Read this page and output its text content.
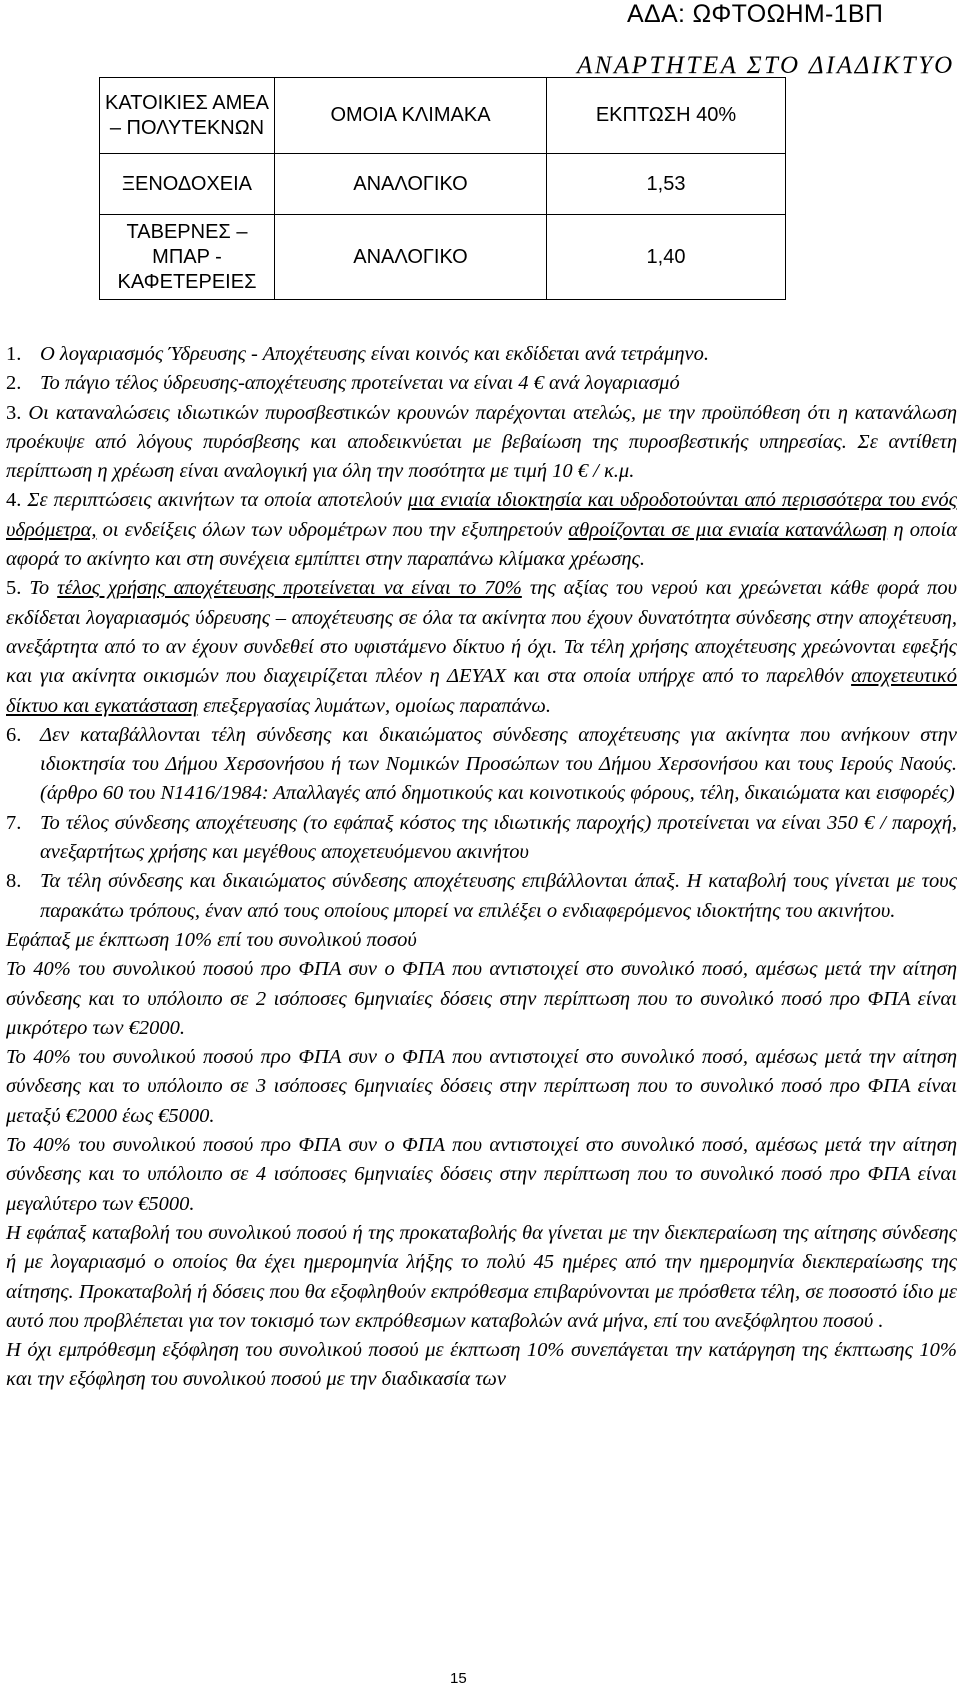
ΑΔΑ: ΩΦΤΟΩΗΜ-1ΒΠ
ΑΝΑΡΤΗΤΕΑ ΣΤΟ ΔΙΑΔΙΚΤΥΟ
ΚΑΤΟΙΚΙΕΣ ΑΜΕΑ – ΠΟΛΥΤΕΚΝΩΝ	ΟΜΟΙΑ ΚΛΙΜΑΚΑ	ΕΚΠΤΩΣΗ 40%
ΞΕΝΟΔΟΧΕΙΑ	ΑΝΑΛΟΓΙΚΟ	1,53
ΤΑΒΕΡΝΕΣ – ΜΠΑΡ - ΚΑΦΕΤΕΡΕΙΕΣ	ΑΝΑΛΟΓΙΚΟ	1,40

1. Ο λογαριασμός Ύδρευσης - Αποχέτευσης είναι κοινός και εκδίδεται ανά τετράμηνο.

2. Το πάγιο τέλος ύδρευσης-αποχέτευσης προτείνεται να είναι 4 € ανά λογαριασμό

3. Οι καταναλώσεις ιδιωτικών πυροσβεστικών κρουνών παρέχονται ατελώς, με την προϋπόθεση ότι η κατανάλωση προέκυψε από λόγους πυρόσβεσης και αποδεικνύεται με βεβαίωση της πυροσβεστικής υπηρεσίας. Σε αντίθετη περίπτωση η χρέωση είναι αναλογική για όλη την ποσότητα με τιμή 10 € / κ.μ.

4. Σε περιπτώσεις ακινήτων τα οποία αποτελούν μια ενιαία ιδιοκτησία και υδροδοτούνται από περισσότερα του ενός υδρόμετρα, οι ενδείξεις όλων των υδρομέτρων που την εξυπηρετούν αθροίζονται σε μια ενιαία κατανάλωση η οποία αφορά το ακίνητο και στη συνέχεια εμπίπτει στην παραπάνω κλίμακα χρέωσης.

5. Το τέλος χρήσης αποχέτευσης προτείνεται να είναι το 70% της αξίας του νερού και χρεώνεται κάθε φορά που εκδίδεται λογαριασμός ύδρευσης – αποχέτευσης σε όλα τα ακίνητα που έχουν δυνατότητα σύνδεσης στην αποχέτευση, ανεξάρτητα από το αν έχουν συνδεθεί στο υφιστάμενο δίκτυο ή όχι. Τα τέλη χρήσης αποχέτευσης χρεώνονται εφεξής και για ακίνητα οικισμών που διαχειρίζεται πλέον η ΔΕΥΑΧ και στα οποία υπήρχε από το παρελθόν αποχετευτικό δίκτυο και εγκατάσταση επεξεργασίας λυμάτων, ομοίως παραπάνω.

6. Δεν καταβάλλονται τέλη σύνδεσης και δικαιώματος σύνδεσης αποχέτευσης για ακίνητα που ανήκουν στην ιδιοκτησία του Δήμου Χερσονήσου ή των Νομικών Προσώπων του Δήμου Χερσονήσου και τους Ιερούς Ναούς.(άρθρο 60 του Ν1416/1984: Απαλλαγές από δημοτικούς και κοινοτικούς φόρους, τέλη, δικαιώματα και εισφορές)

7. Το τέλος σύνδεσης αποχέτευσης (το εφάπαξ κόστος της ιδιωτικής παροχής) προτείνεται να είναι 350 € / παροχή, ανεξαρτήτως χρήσης και μεγέθους αποχετευόμενου ακινήτου

8. Τα τέλη σύνδεσης και δικαιώματος σύνδεσης αποχέτευσης επιβάλλονται άπαξ. Η καταβολή τους γίνεται με τους παρακάτω τρόπους, έναν από τους οποίους μπορεί να επιλέξει ο ενδιαφερόμενος ιδιοκτήτης του ακινήτου.

Εφάπαξ με έκπτωση 10% επί του συνολικού ποσού

Το 40% του συνολικού ποσού προ ΦΠΑ συν ο ΦΠΑ που αντιστοιχεί στο συνολικό ποσό, αμέσως μετά την αίτηση σύνδεσης και το υπόλοιπο σε 2 ισόποσες 6μηνιαίες δόσεις στην περίπτωση που το συνολικό ποσό προ ΦΠΑ είναι μικρότερο των €2000.

Το 40% του συνολικού ποσού προ ΦΠΑ συν ο ΦΠΑ που αντιστοιχεί στο συνολικό ποσό, αμέσως μετά την αίτηση σύνδεσης και το υπόλοιπο σε 3 ισόποσες 6μηνιαίες δόσεις στην περίπτωση που το συνολικό ποσό προ ΦΠΑ είναι μεταξύ €2000 έως €5000.

Το 40% του συνολικού ποσού προ ΦΠΑ συν ο ΦΠΑ που αντιστοιχεί στο συνολικό ποσό, αμέσως μετά την αίτηση σύνδεσης και το υπόλοιπο σε 4 ισόποσες 6μηνιαίες δόσεις στην περίπτωση που το συνολικό ποσό προ ΦΠΑ είναι μεγαλύτερο των €5000.

Η εφάπαξ καταβολή του συνολικού ποσού ή της προκαταβολής θα γίνεται με την διεκπεραίωση της αίτησης σύνδεσης ή με λογαριασμό ο οποίος θα έχει ημερομηνία λήξης το πολύ 45 ημέρες από την ημερομηνία διεκπεραίωσης της αίτησης. Προκαταβολή ή δόσεις που θα εξοφληθούν εκπρόθεσμα επιβαρύνονται με πρόσθετα τέλη, σε ποσοστό ίδιο με αυτό που προβλέπεται για τον τοκισμό των εκπρόθεσμων καταβολών ανά μήνα, επί του ανεξόφλητου ποσού .

Η όχι εμπρόθεσμη εξόφληση του συνολικού ποσού με έκπτωση 10% συνεπάγεται την κατάργηση της έκπτωσης 10% και την εξόφληση του συνολικού ποσού με την διαδικασία των

15
